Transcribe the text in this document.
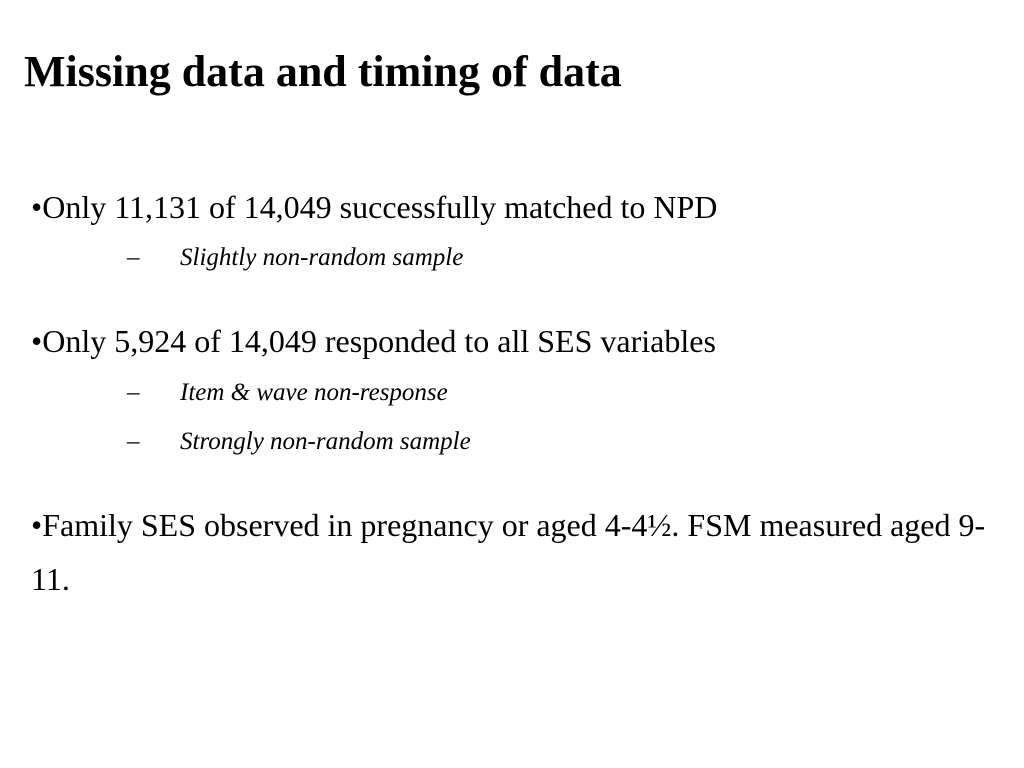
Missing data and timing of data
•Only 11,131 of 14,049 successfully matched to NPD
– Slightly non-random sample
•Only 5,924 of 14,049 responded to all SES variables
– Item & wave non-response
– Strongly non-random sample
•Family SES observed in pregnancy or aged 4-4½. FSM measured aged 9-11.
